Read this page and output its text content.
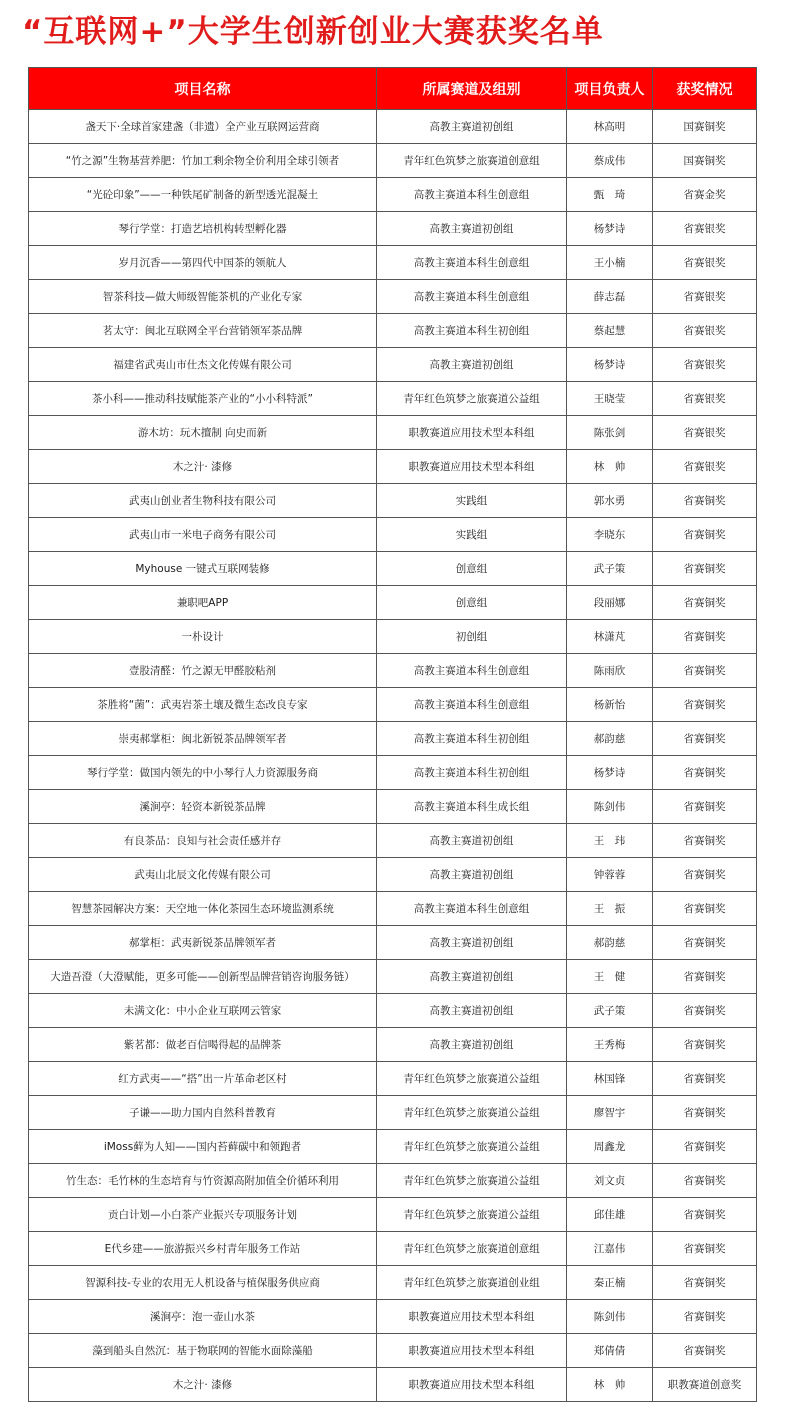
“互联网+”大学生创新创业大赛获奖名单
项目名称	所属赛道及组别	项目负责人	获奖情况
盏天下·全球首家建盏（非遗）全产业互联网运营商	高教主赛道初创组	林高明	国赛铜奖
“竹之源”生物基营养肥：竹加工剩余物全价利用全球引领者	青年红色筑梦之旅赛道创意组	蔡成伟	国赛铜奖
“光砼印象”——一种铁尾矿制备的新型透光混凝土	高教主赛道本科生创意组	甄　琦	省赛金奖
琴行学堂：打造艺培机构转型孵化器	高教主赛道初创组	杨梦诗	省赛银奖
岁月沉香——第四代中国茶的领航人	高教主赛道本科生创意组	王小楠	省赛银奖
智茶科技—做大师级智能茶机的产业化专家	高教主赛道本科生创意组	薛志磊	省赛银奖
茗太守：闽北互联网全平台营销领军茶品牌	高教主赛道本科生初创组	蔡起慧	省赛银奖
福建省武夷山市仕杰文化传媒有限公司	高教主赛道初创组	杨梦诗	省赛银奖
茶小科——推动科技赋能茶产业的“小小科特派”	青年红色筑梦之旅赛道公益组	王晓莹	省赛银奖
游木坊：玩木擅制 向史而新	职教赛道应用技术型本科组	陈张剑	省赛银奖
木之汁· 漆修	职教赛道应用技术型本科组	林　帅	省赛银奖
武夷山创业者生物科技有限公司	实践组	郭水勇	省赛铜奖
武夷山市一米电子商务有限公司	实践组	李晓东	省赛铜奖
Myhouse 一键式互联网装修	创意组	武子策	省赛铜奖
兼职吧APP	创意组	段丽娜	省赛铜奖
一朴设计	初创组	林潇芃	省赛铜奖
壹股清醛：竹之源无甲醛胶粘剂	高教主赛道本科生创意组	陈雨欣	省赛铜奖
茶胜将“菌”：武夷岩茶土壤及微生态改良专家	高教主赛道本科生创意组	杨新怡	省赛铜奖
崇夷郝掌柜：闽北新锐茶品牌领军者	高教主赛道本科生初创组	郝韵慈	省赛铜奖
琴行学堂：做国内领先的中小琴行人力资源服务商	高教主赛道本科生初创组	杨梦诗	省赛铜奖
溪涧亭：轻资本新锐茶品牌	高教主赛道本科生成长组	陈剑伟	省赛铜奖
有良茶品：良知与社会责任感并存	高教主赛道初创组	王　玮	省赛铜奖
武夷山北辰文化传媒有限公司	高教主赛道初创组	钟蓉蓉	省赛铜奖
智慧茶园解决方案：天空地一体化茶园生态环境监测系统	高教主赛道本科生创意组	王　振	省赛铜奖
郝掌柜：武夷新锐茶品牌领军者	高教主赛道初创组	郝韵慈	省赛铜奖
大造吾澄（大澄赋能，更多可能——创新型品牌营销咨询服务链）	高教主赛道初创组	王　健	省赛铜奖
未满文化：中小企业互联网云管家	高教主赛道初创组	武子策	省赛铜奖
紫茗都：做老百信喝得起的品牌茶	高教主赛道初创组	王秀梅	省赛铜奖
红方武夷——“搭”出一片革命老区村	青年红色筑梦之旅赛道公益组	林国锋	省赛铜奖
子谦——助力国内自然科普教育	青年红色筑梦之旅赛道公益组	廖智宇	省赛铜奖
iMoss藓为人知——国内苔藓碳中和领跑者	青年红色筑梦之旅赛道公益组	周鑫龙	省赛铜奖
竹生态：毛竹林的生态培育与竹资源高附加值全价循环利用	青年红色筑梦之旅赛道公益组	刘文贞	省赛铜奖
贡白计划—小白茶产业振兴专项服务计划	青年红色筑梦之旅赛道公益组	邱佳雄	省赛铜奖
E代乡建——旅游振兴乡村青年服务工作站	青年红色筑梦之旅赛道创意组	江嘉伟	省赛铜奖
智源科技-专业的农用无人机设备与植保服务供应商	青年红色筑梦之旅赛道创业组	秦正楠	省赛铜奖
溪涧亭：泡一壶山水茶	职教赛道应用技术型本科组	陈剑伟	省赛铜奖
藻到船头自然沉：基于物联网的智能水面除藻船	职教赛道应用技术型本科组	郑倩倩	省赛铜奖
木之汁· 漆修	职教赛道应用技术型本科组	林　帅	职教赛道创意奖
